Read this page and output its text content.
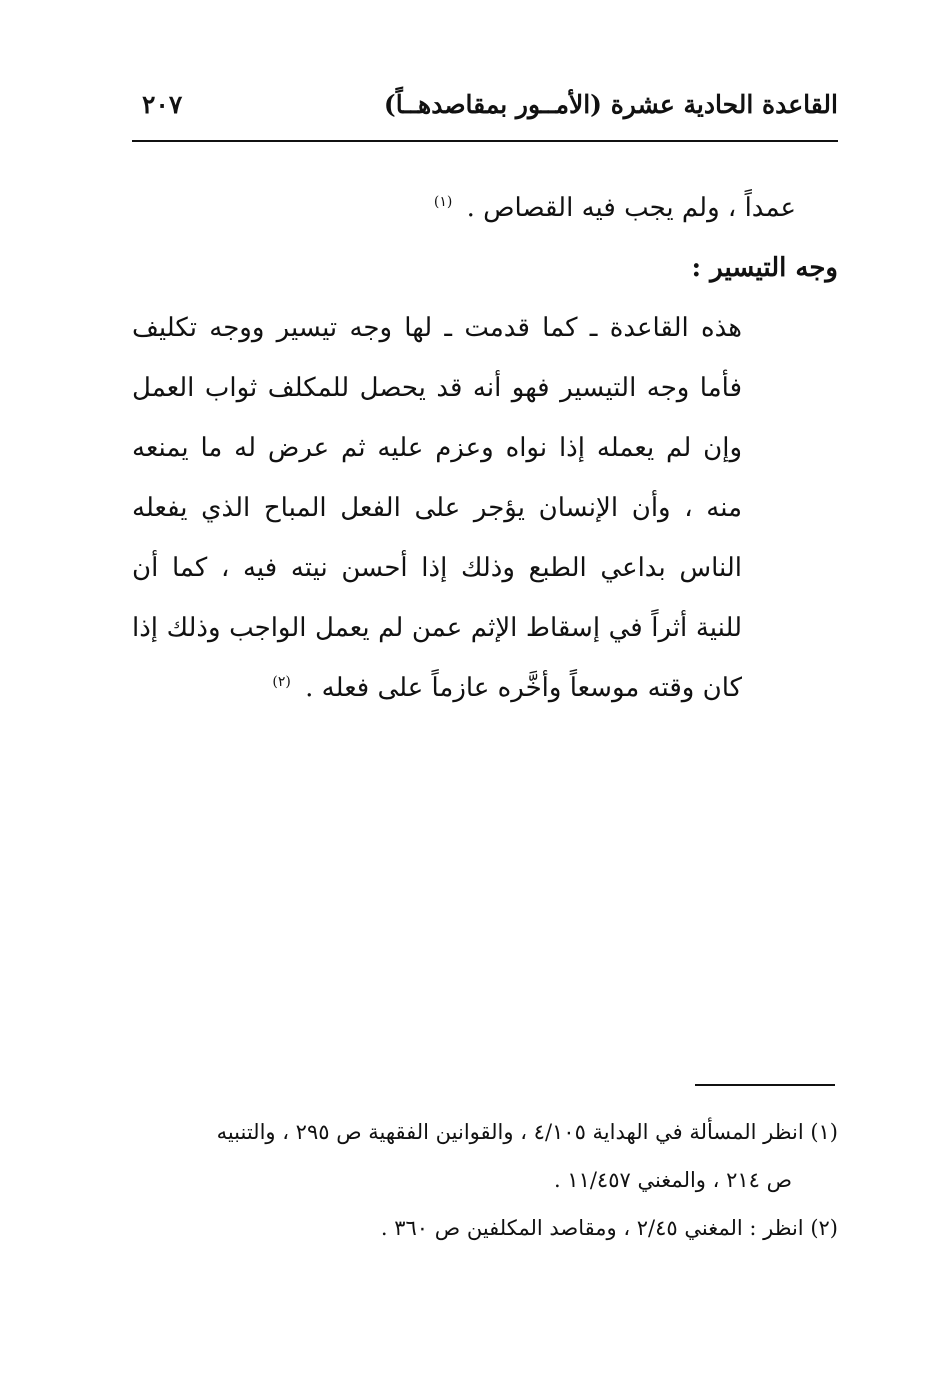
القاعدة الحادية عشرة (الأمــور بمقاصدهــاً)
٢٠٧

عمداً ، ولم يجب فيه القصاص . $^{(١)}$

وجه التيسير :

هذه القاعدة ـ كما قدمت ـ لها وجه تيسير ووجه تكليف فأما وجه التيسير فهو أنه قد يحصل للمكلف ثواب العمل وإن لم يعمله إذا نواه وعزم عليه ثم عرض له ما يمنعه منه ، وأن الإنسان يؤجر على الفعل المباح الذي يفعله الناس بداعي الطبع وذلك إذا أحسن نيته فيه ، كما أن للنية أثراً في إسقاط الإثم عمن لم يعمل الواجب وذلك إذا كان وقته موسعاً وأخَّره عازماً على فعله . $^{(٢)}$

(١) انظر المسألة في الهداية ٤/١٠٥ ، والقوانين الفقهية ص ٢٩٥ ، والتنبيه

ص ٢١٤ ، والمغني ١١/٤٥٧ .

(٢) انظر : المغني ٢/٤٥ ، ومقاصد المكلفين ص ٣٦٠ .
